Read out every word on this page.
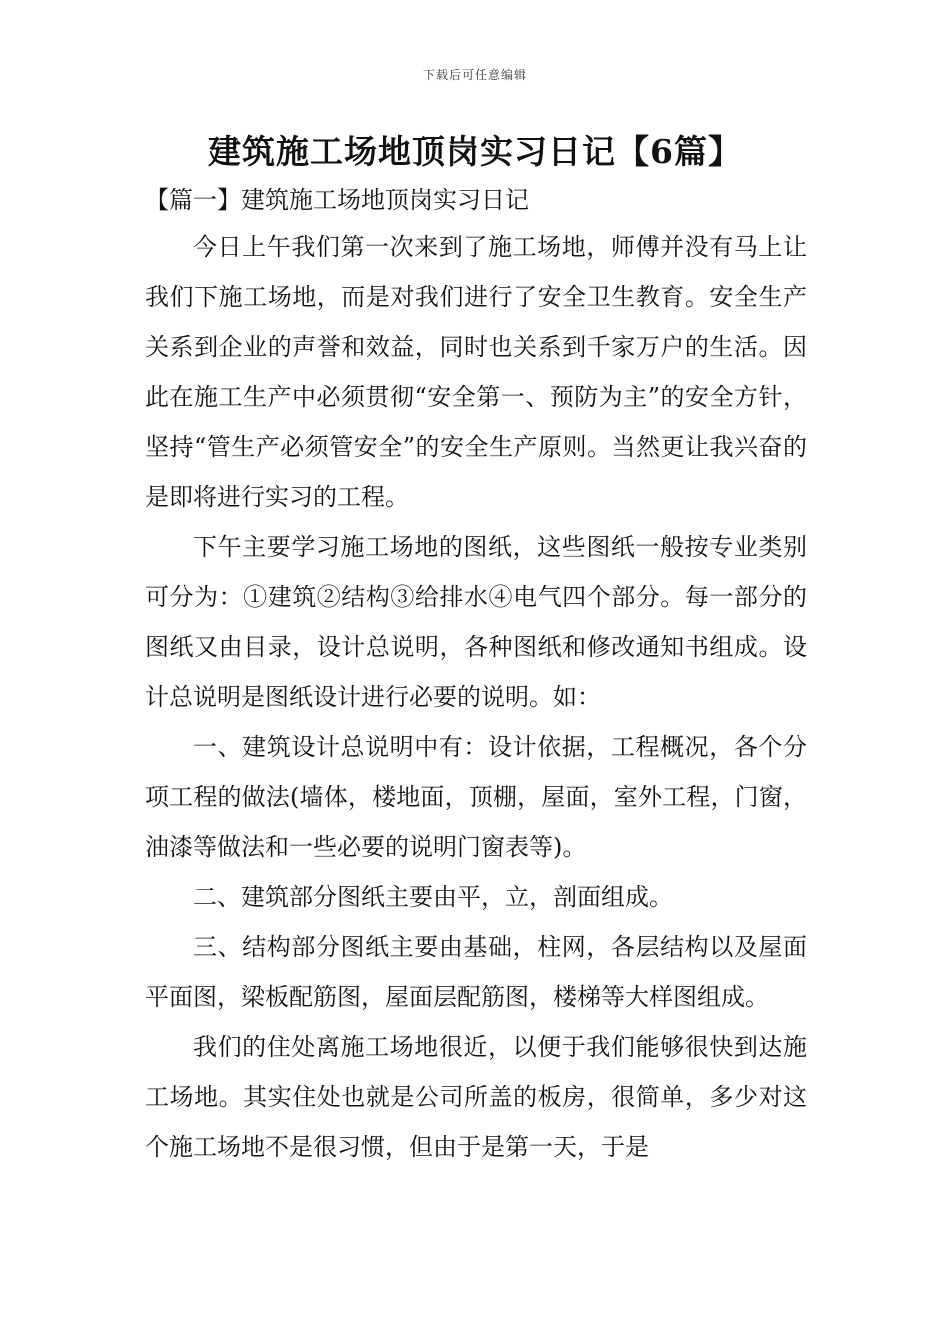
下载后可任意编辑
建筑施工场地顶岗实习日记【6篇】
【篇一】建筑施工场地顶岗实习日记

今日上午我们第一次来到了施工场地，师傅并没有马上让我们下施工场地，而是对我们进行了安全卫生教育。安全生产关系到企业的声誉和效益，同时也关系到千家万户的生活。因此在施工生产中必须贯彻“安全第一、预防为主”的安全方针，坚持“管生产必须管安全”的安全生产原则。当然更让我兴奋的是即将进行实习的工程。

下午主要学习施工场地的图纸，这些图纸一般按专业类别可分为：①建筑②结构③给排水④电气四个部分。每一部分的图纸又由目录，设计总说明，各种图纸和修改通知书组成。设计总说明是图纸设计进行必要的说明。如：

一、建筑设计总说明中有：设计依据，工程概况，各个分项工程的做法(墙体，楼地面，顶棚，屋面，室外工程，门窗，油漆等做法和一些必要的说明门窗表等)。

二、建筑部分图纸主要由平，立，剖面组成。

三、结构部分图纸主要由基础，柱网，各层结构以及屋面平面图，梁板配筋图，屋面层配筋图，楼梯等大样图组成。

我们的住处离施工场地很近，以便于我们能够很快到达施工场地。其实住处也就是公司所盖的板房，很简单，多少对这个施工场地不是很习惯，但由于是第一天，于是
